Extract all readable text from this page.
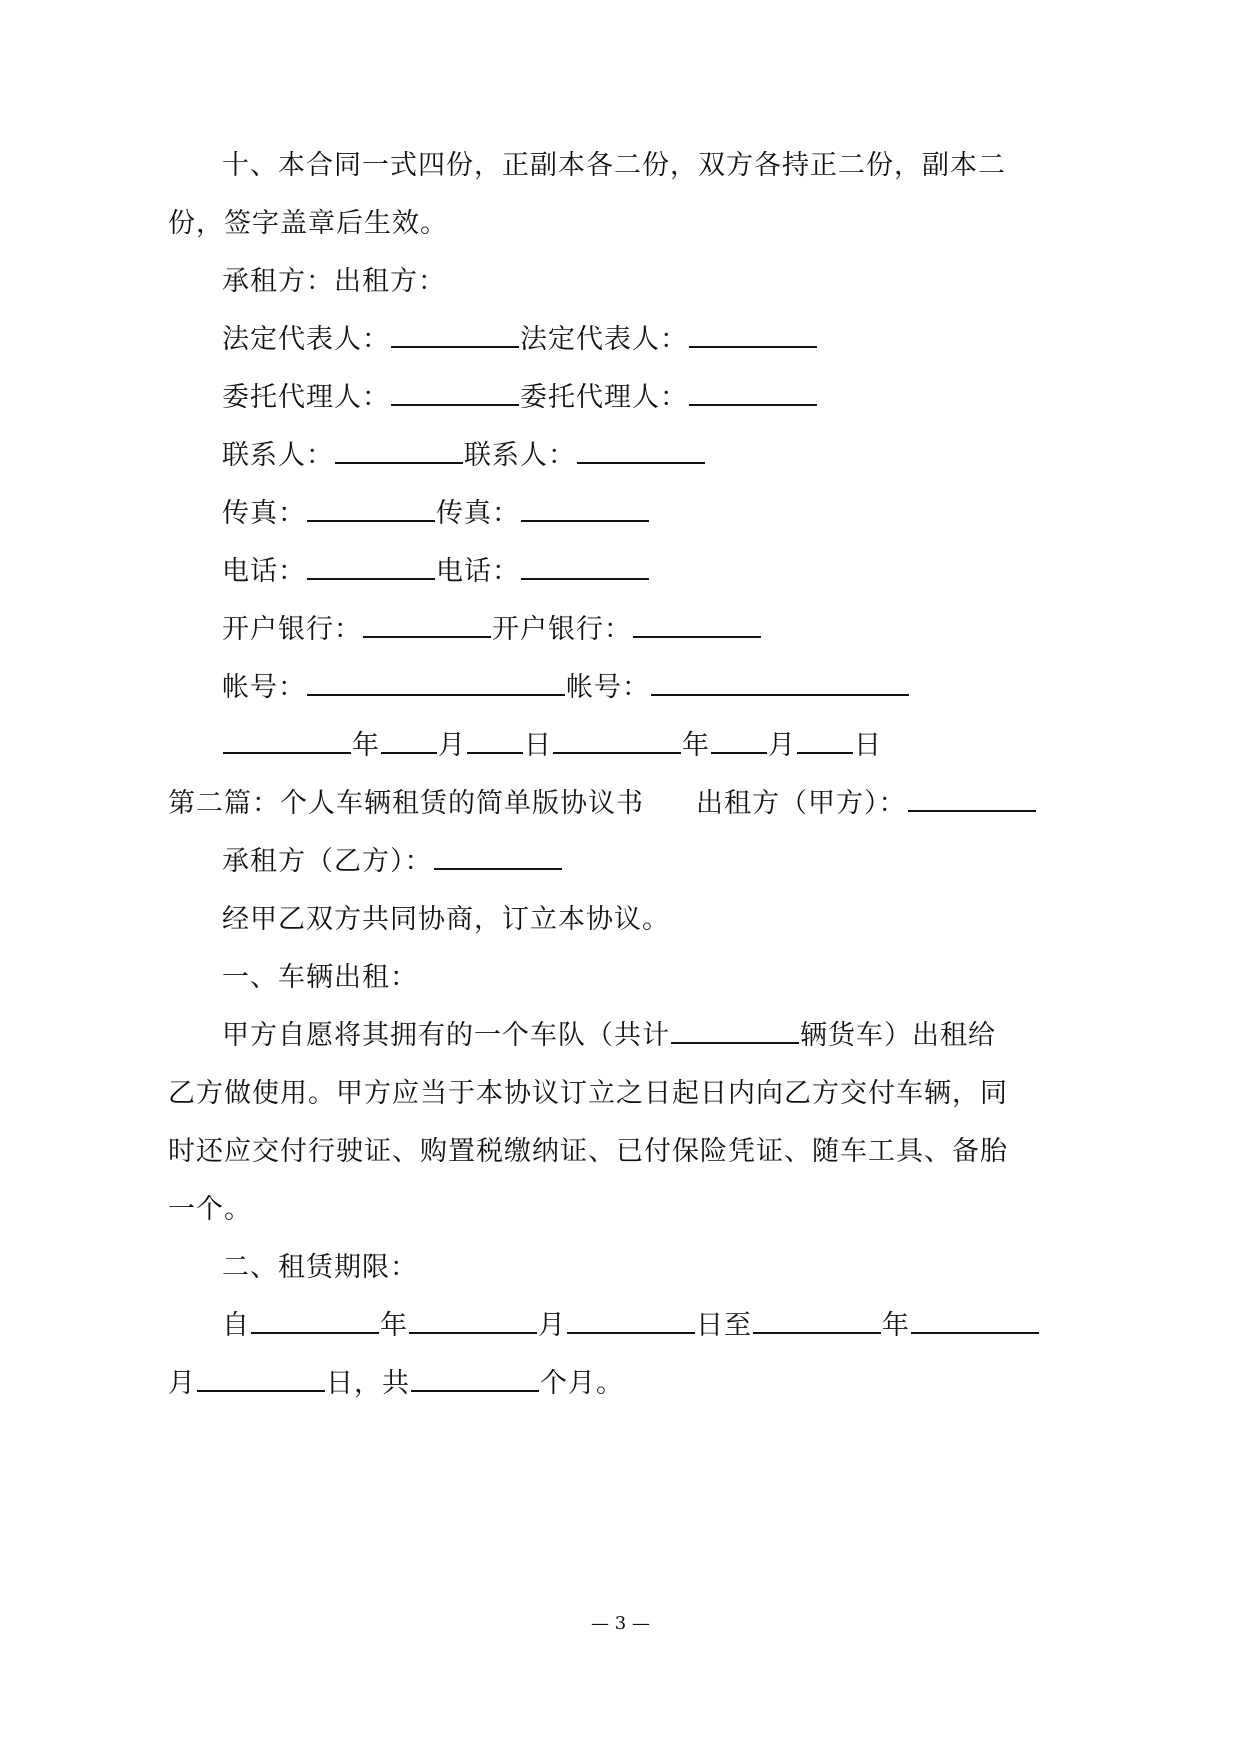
十、本合同一式四份，正副本各二份，双方各持正二份，副本二
份，签字盖章后生效。
承租方：出租方：
法定代表人：	法定代表人：
委托代理人：	委托代理人：
联系人：	联系人：
传真：	传真：
电话：	电话：
开户银行：	开户银行：
帐号：	帐号：
年 月 日	年 月 日
第二篇：个人车辆租赁的简单版协议书 出租方（甲方）：
承租方（乙方）：
经甲乙双方共同协商，订立本协议。
一、车辆出租：
甲方自愿将其拥有的一个车队（共计	辆货车）出租给
乙方做使用。甲方应当于本协议订立之日起日内向乙方交付车辆，同
时还应交付行驶证、购置税缴纳证、已付保险凭证、随车工具、备胎
一个。
二、租赁期限：
自	年	月	日至	年
月	日，共	个月。
— 3 —
